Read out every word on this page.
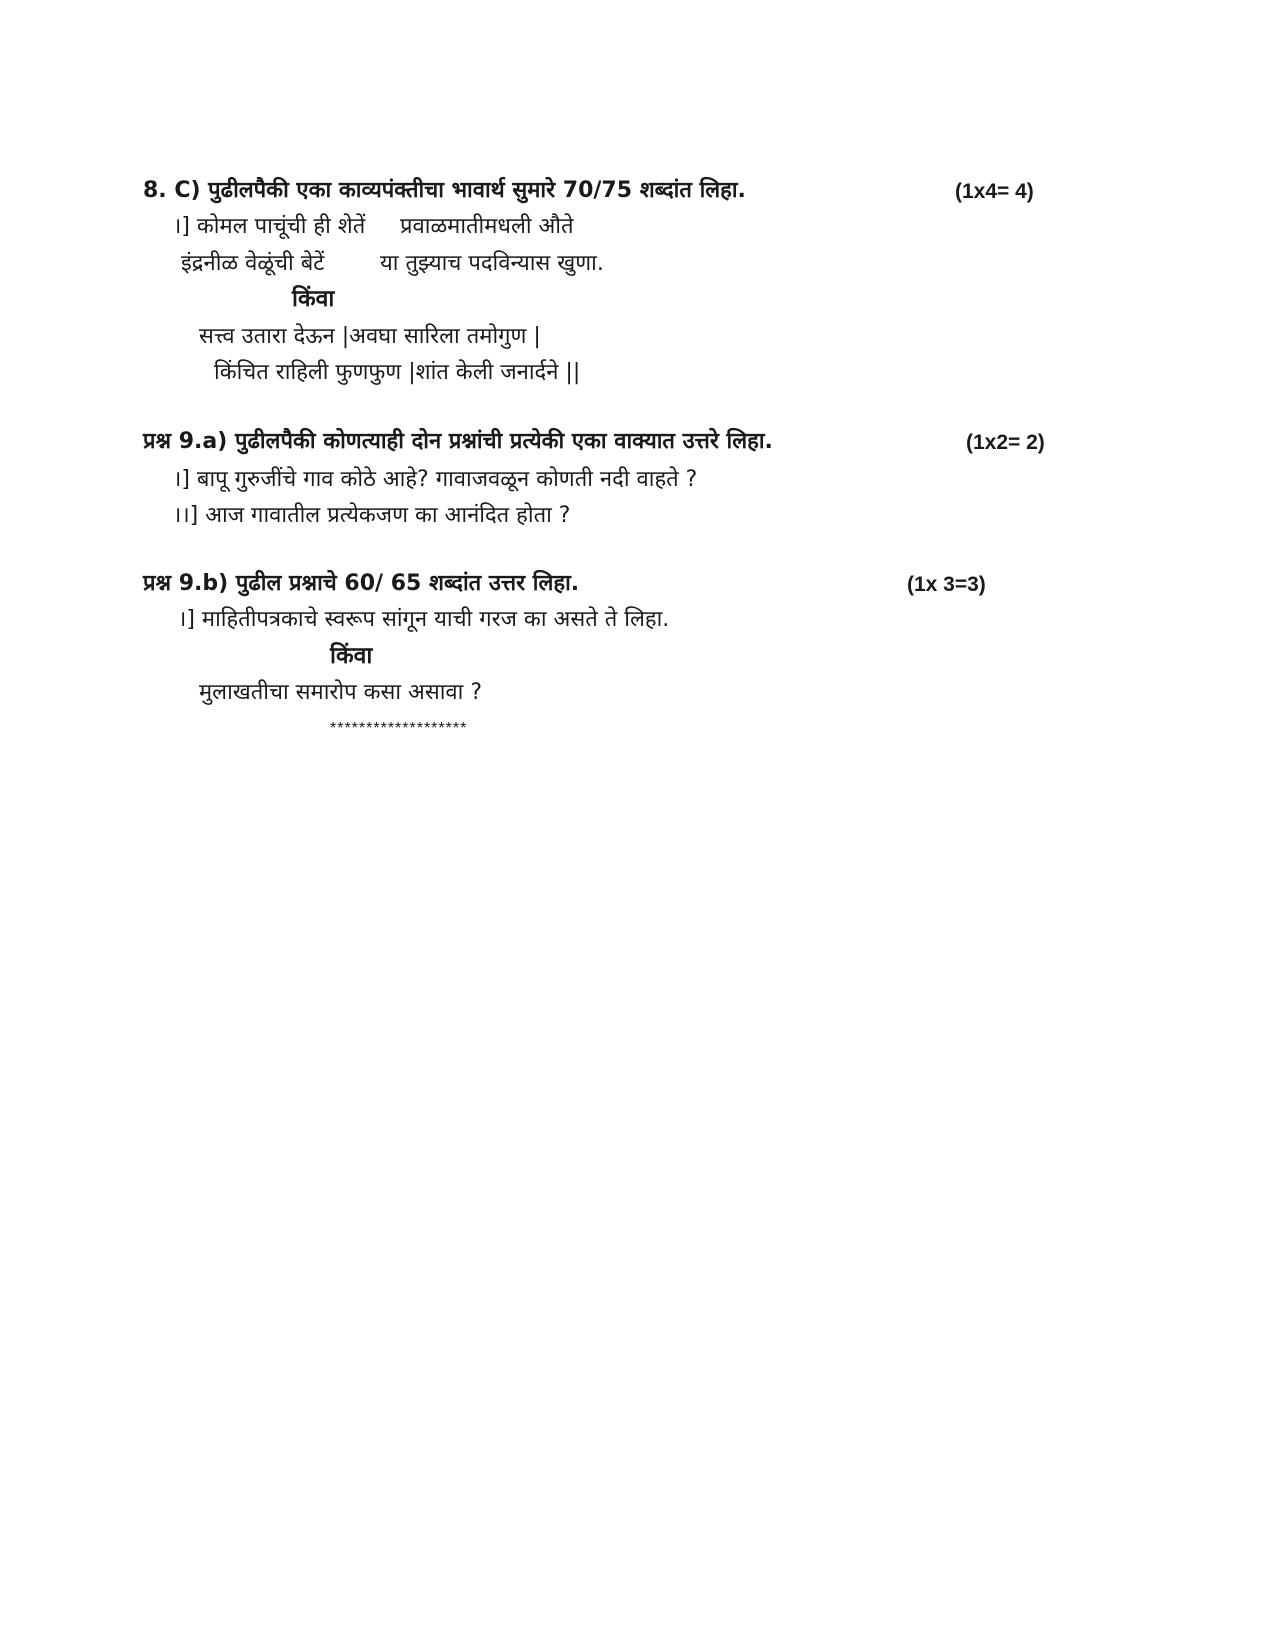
8. C) पुढीलपैकी एका काव्यपंक्तीचा भावार्थ सुमारे 70/75 शब्दांत लिहा.	(1x4= 4)
।] कोमल पाचूंची ही शेतें प्रवाळमातीमधली औते
इंद्रनीळ वेळूंची बेटें	या तुझ्याच पदविन्यास खुणा.
किंवा
सत्त्व उतारा देऊन |अवघा सारिला तमोगुण |
किंचित राहिली फुणफुण |शांत केली जनार्दने ||
प्रश्न 9.a) पुढीलपैकी कोणत्याही दोन प्रश्नांची प्रत्येकी एका वाक्यात उत्तरे लिहा.	(1x2= 2)
।] बापू गुरुजींचे गाव कोठे आहे? गावाजवळून कोणती नदी वाहते ?
।।] आज गावातील प्रत्येकजण का आनंदित होता ?
प्रश्न 9.b) पुढील प्रश्नाचे 60/ 65 शब्दांत उत्तर लिहा.	(1x 3=3)
।] माहितीपत्रकाचे स्वरूप सांगून याची गरज का असते ते लिहा.
किंवा
मुलाखतीचा समारोप कसा असावा ?
*******************
